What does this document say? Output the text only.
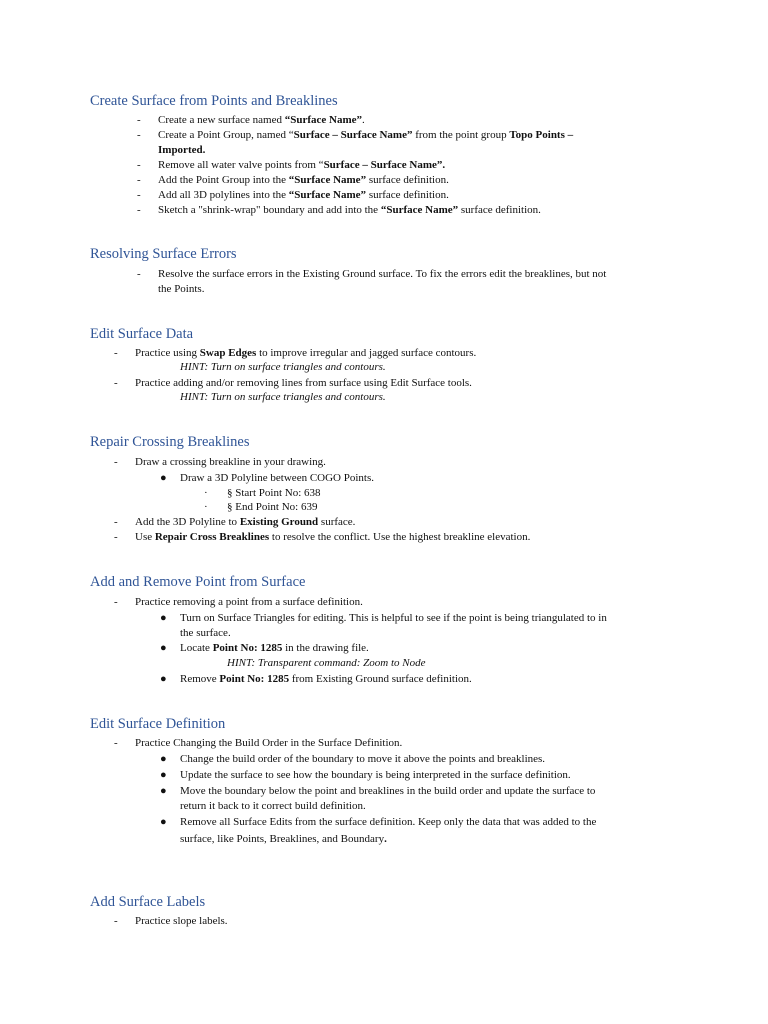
Create Surface from Points and Breaklines
- Create a new surface named “Surface Name”.
- Create a Point Group, named “Surface – Surface Name” from the point group Topo Points –
Imported.
- Remove all water valve points from “Surface – Surface Name”.
- Add the Point Group into the “Surface Name” surface definition.
- Add all 3D polylines into the “Surface Name” surface definition.
- Sketch a "shrink-wrap" boundary and add into the “Surface Name” surface definition.
Resolving Surface Errors
- Resolve the surface errors in the Existing Ground surface. To fix the errors edit the breaklines, but not
the Points.
Edit Surface Data
- Practice using Swap Edges to improve irregular and jagged surface contours.
HINT: Turn on surface triangles and contours.
- Practice adding and/or removing lines from surface using Edit Surface tools.
HINT: Turn on surface triangles and contours.
Repair Crossing Breaklines
- Draw a crossing breakline in your drawing.
● Draw a 3D Polyline between COGO Points.
· § Start Point No: 638
· § End Point No: 639
- Add the 3D Polyline to Existing Ground surface.
- Use Repair Cross Breaklines to resolve the conflict. Use the highest breakline elevation.
Add and Remove Point from Surface
- Practice removing a point from a surface definition.
● Turn on Surface Triangles for editing. This is helpful to see if the point is being triangulated to in
the surface.
● Locate Point No: 1285 in the drawing file.
HINT: Transparent command: Zoom to Node
● Remove Point No: 1285 from Existing Ground surface definition.
Edit Surface Definition
- Practice Changing the Build Order in the Surface Definition.
● Change the build order of the boundary to move it above the points and breaklines.
● Update the surface to see how the boundary is being interpreted in the surface definition.
● Move the boundary below the point and breaklines in the build order and update the surface to
return it back to it correct build definition.
● Remove all Surface Edits from the surface definition. Keep only the data that was added to the
surface, like Points, Breaklines, and Boundary.
Add Surface Labels
- Practice slope labels.
